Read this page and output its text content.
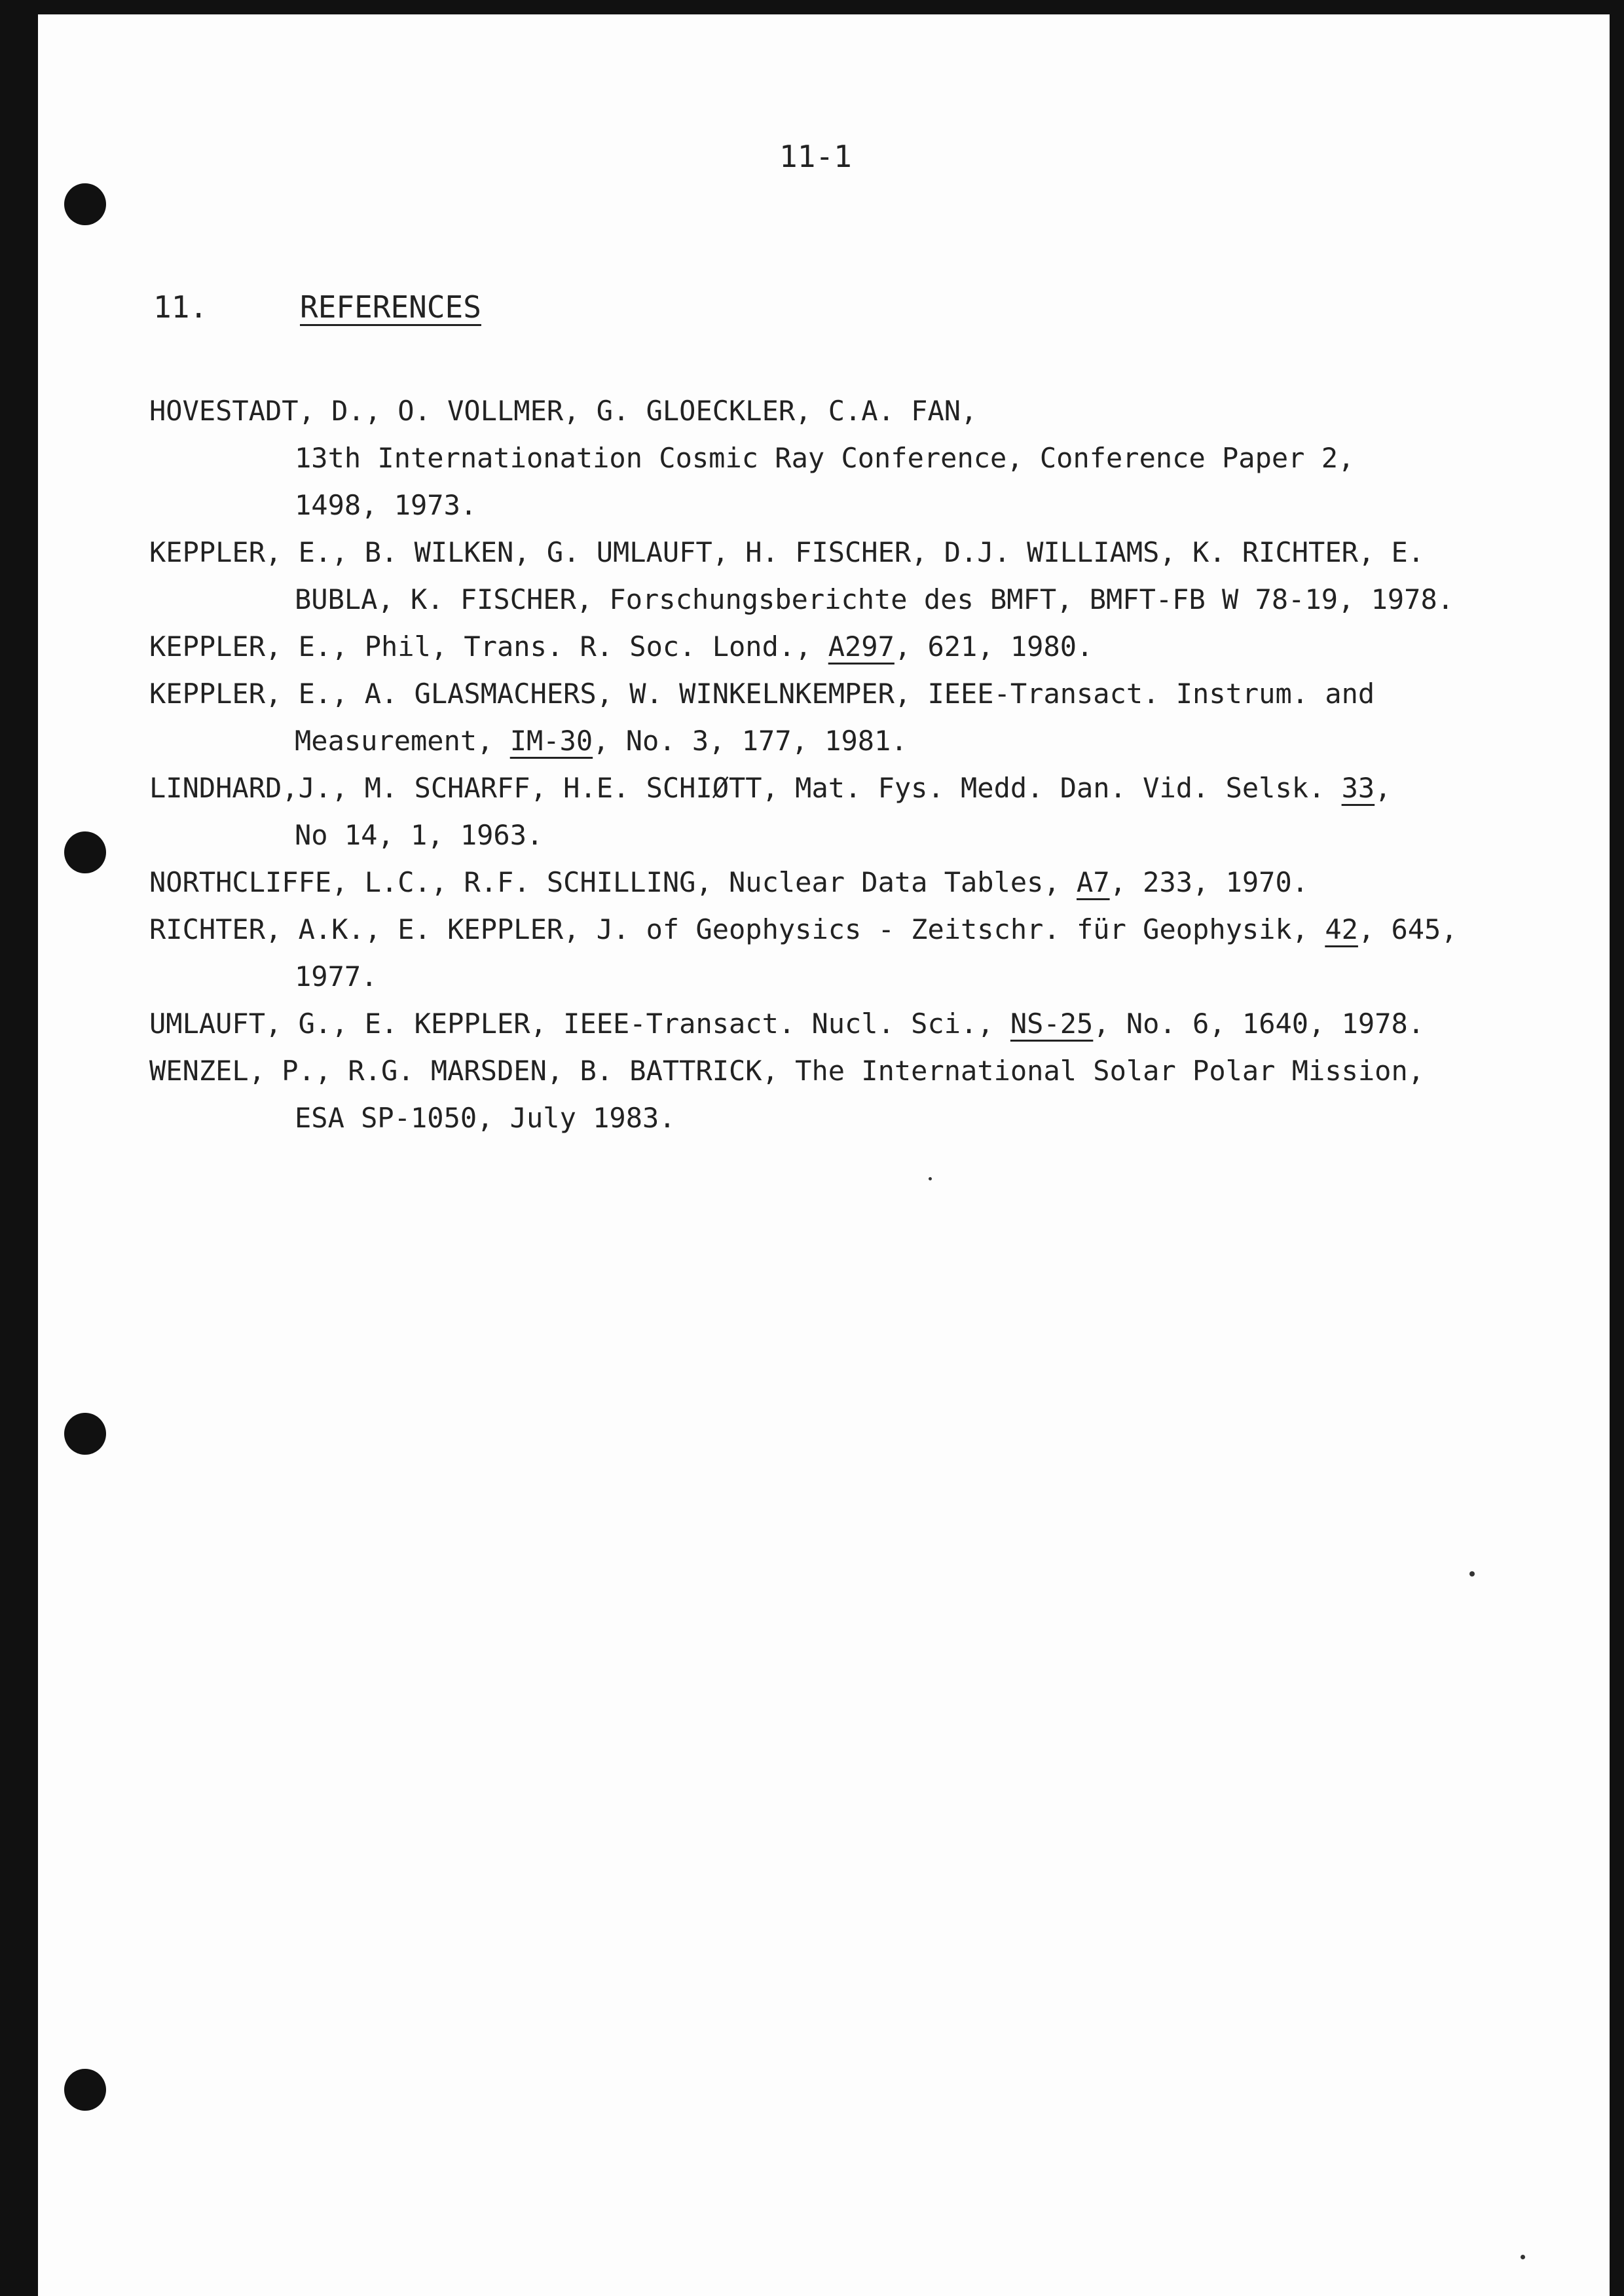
11-1
11.	REFERENCES
HOVESTADT, D., O. VOLLMER, G. GLOECKLER, C.A. FAN,
13th Internationation Cosmic Ray Conference, Conference Paper 2,
1498, 1973.
KEPPLER, E., B. WILKEN, G. UMLAUFT, H. FISCHER, D.J. WILLIAMS, K. RICHTER, E.
BUBLA, K. FISCHER, Forschungsberichte des BMFT, BMFT-FB W 78-19, 1978.
KEPPLER, E., Phil, Trans. R. Soc. Lond., A297, 621, 1980.
KEPPLER, E., A. GLASMACHERS, W. WINKELNKEMPER, IEEE-Transact. Instrum. and
Measurement, IM-30, No. 3, 177, 1981.
LINDHARD,J., M. SCHARFF, H.E. SCHIØTT, Mat. Fys. Medd. Dan. Vid. Selsk. 33,
No 14, 1, 1963.
NORTHCLIFFE, L.C., R.F. SCHILLING, Nuclear Data Tables, A7, 233, 1970.
RICHTER, A.K., E. KEPPLER, J. of Geophysics - Zeitschr. für Geophysik, 42, 645,
1977.
UMLAUFT, G., E. KEPPLER, IEEE-Transact. Nucl. Sci., NS-25, No. 6, 1640, 1978.
WENZEL, P., R.G. MARSDEN, B. BATTRICK, The International Solar Polar Mission,
ESA SP-1050, July 1983.
